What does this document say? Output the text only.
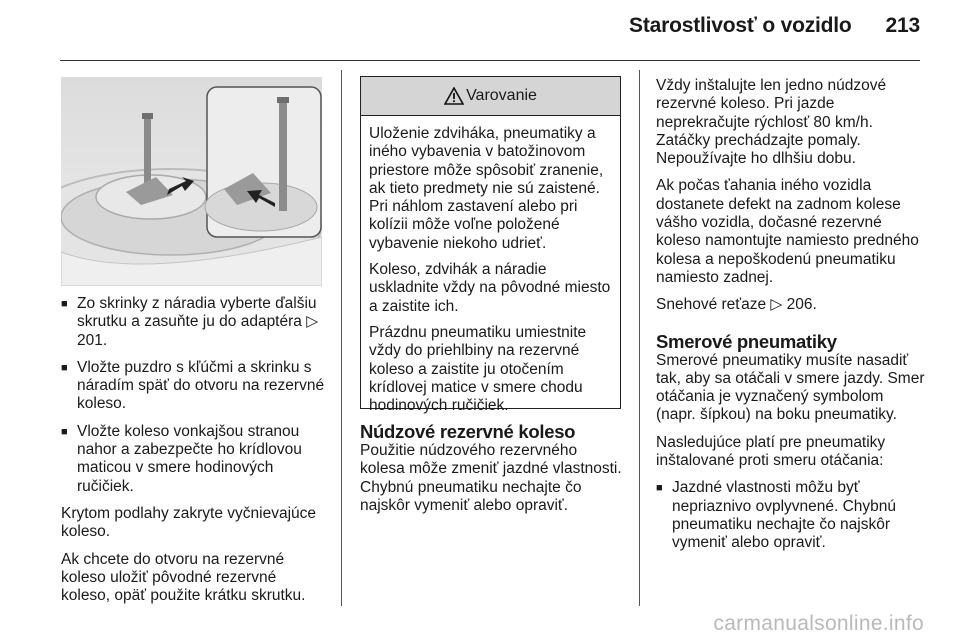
Starostlivosť o vozidlo 213
■ Zo skrinky z náradia vyberte ďalšiu skrutku a zasuňte ju do adaptéra ▷ 201.
■ Vložte puzdro s kľúčmi a skrinku s náradím späť do otvoru na rezervné koleso.
■ Vložte koleso vonkajšou stranou nahor a zabezpečte ho krídlovou maticou v smere hodinových ručičiek.

Krytom podlahy zakryte vyčnievajúce koleso.

Ak chcete do otvoru na rezervné koleso uložiť pôvodné rezervné koleso, opäť použite krátku skrutku.

Varovanie

Uloženie zdviháka, pneumatiky a iného vybavenia v batožinovom priestore môže spôsobiť zranenie, ak tieto predmety nie sú zaistené. Pri náhlom zastavení alebo pri kolízii môže voľne položené vybavenie niekoho udrieť.

Koleso, zdvihák a náradie uskladnite vždy na pôvodné miesto a zaistite ich.

Prázdnu pneumatiku umiestnite vždy do priehlbiny na rezervné koleso a zaistite ju otočením krídlovej matice v smere chodu hodinových ručičiek.

Núdzové rezervné koleso

Použitie núdzového rezervného kolesa môže zmeniť jazdné vlastnosti. Chybnú pneumatiku nechajte čo najskôr vymeniť alebo opraviť.

Vždy inštalujte len jedno núdzové rezervné koleso. Pri jazde neprekračujte rýchlosť 80 km/h. Zatáčky prechádzajte pomaly. Nepoužívajte ho dlhšiu dobu.

Ak počas ťahania iného vozidla dostanete defekt na zadnom kolese vášho vozidla, dočasné rezervné koleso namontujte namiesto predného kolesa a nepoškodenú pneumatiku namiesto zadnej.

Snehové reťaze ▷ 206.

Smerové pneumatiky

Smerové pneumatiky musíte nasadiť tak, aby sa otáčali v smere jazdy. Smer otáčania je vyznačený symbolom (napr. šípkou) na boku pneumatiky.

Nasledujúce platí pre pneumatiky inštalované proti smeru otáčania:

■ Jazdné vlastnosti môžu byť nepriaznivo ovplyvnené. Chybnú pneumatiku nechajte čo najskôr vymeniť alebo opraviť.
carmanualsonline.info
